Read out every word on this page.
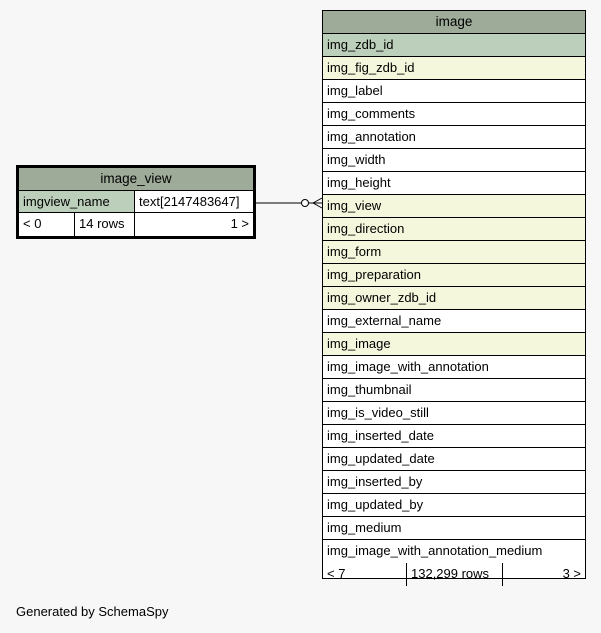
image_view
imgview_name	text[2147483647]
< 0	14 rows	1 >
image
img_zdb_id
img_fig_zdb_id
img_label
img_comments
img_annotation
img_width
img_height
img_view
img_direction
img_form
img_preparation
img_owner_zdb_id
img_external_name
img_image
img_image_with_annotation
img_thumbnail
img_is_video_still
img_inserted_date
img_updated_date
img_inserted_by
img_updated_by
img_medium
img_image_with_annotation_medium
< 7	132,299 rows	3 >
Generated by SchemaSpy
